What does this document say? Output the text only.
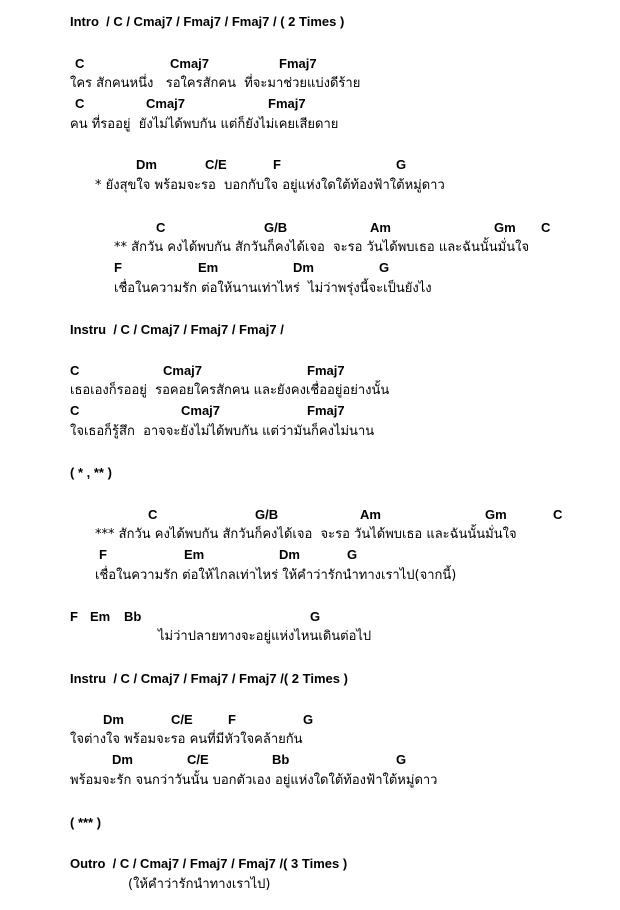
Intro  / C / Cmaj7 / Fmaj7 / Fmaj7 / ( 2 Times )
C	Cmaj7	Fmaj7
ใคร สักคนหนึ่ง   รอใครสักคน  ที่จะมาช่วยแบ่งดีร้าย
C	Cmaj7	Fmaj7
คน ที่รออยู่  ยังไม่ได้พบกัน แต่ก็ยังไม่เคยเสียดาย
Dm	C/E	F	G
* ยังสุขใจ พร้อมจะรอ  บอกกับใจ อยู่แห่งใดใต้ท้องฟ้าใต้หมู่ดาว
C	G/B	Am	Gm C
** สักวัน คงได้พบกัน สักวันก็คงได้เจอ  จะรอ วันได้พบเธอ และฉันนั้นมั่นใจ
F	Em	Dm	G
เชื่อในความรัก ต่อให้นานเท่าไหร่  ไม่ว่าพรุ่งนี้จะเป็นยังไง
Instru  / C / Cmaj7 / Fmaj7 / Fmaj7 /
C	Cmaj7	Fmaj7
เธอเองก็รออยู่  รอคอยใครสักคน และยังคงเชื่ออยู่อย่างนั้น
C	Cmaj7	Fmaj7
ใจเธอก็รู้สึก  อาจจะยังไม่ได้พบกัน แต่ว่ามันก็คงไม่นาน
( * , ** )
C	G/B	Am	Gm	C
*** สักวัน คงได้พบกัน สักวันก็คงได้เจอ  จะรอ วันได้พบเธอ และฉันนั้นมั่นใจ
F	Em	Dm	G
เชื่อในความรัก ต่อให้ไกลเท่าไหร่ ให้คำว่ารักนำทางเราไป(จากนี้)
F Em Bb	G
ไม่ว่าปลายทางจะอยู่แห่งไหนเดินต่อไป
Instru  / C / Cmaj7 / Fmaj7 / Fmaj7 /( 2 Times )
Dm	C/E	F	G
ใจต่างใจ พร้อมจะรอ คนที่มีหัวใจคล้ายกัน
Dm	C/E	Bb	G
พร้อมจะรัก จนกว่าวันนั้น บอกตัวเอง อยู่แห่งใดใต้ท้องฟ้าใต้หมู่ดาว
( *** )
Outro  / C / Cmaj7 / Fmaj7 / Fmaj7 /( 3 Times )
(ให้คำว่ารักนำทางเราไป)
